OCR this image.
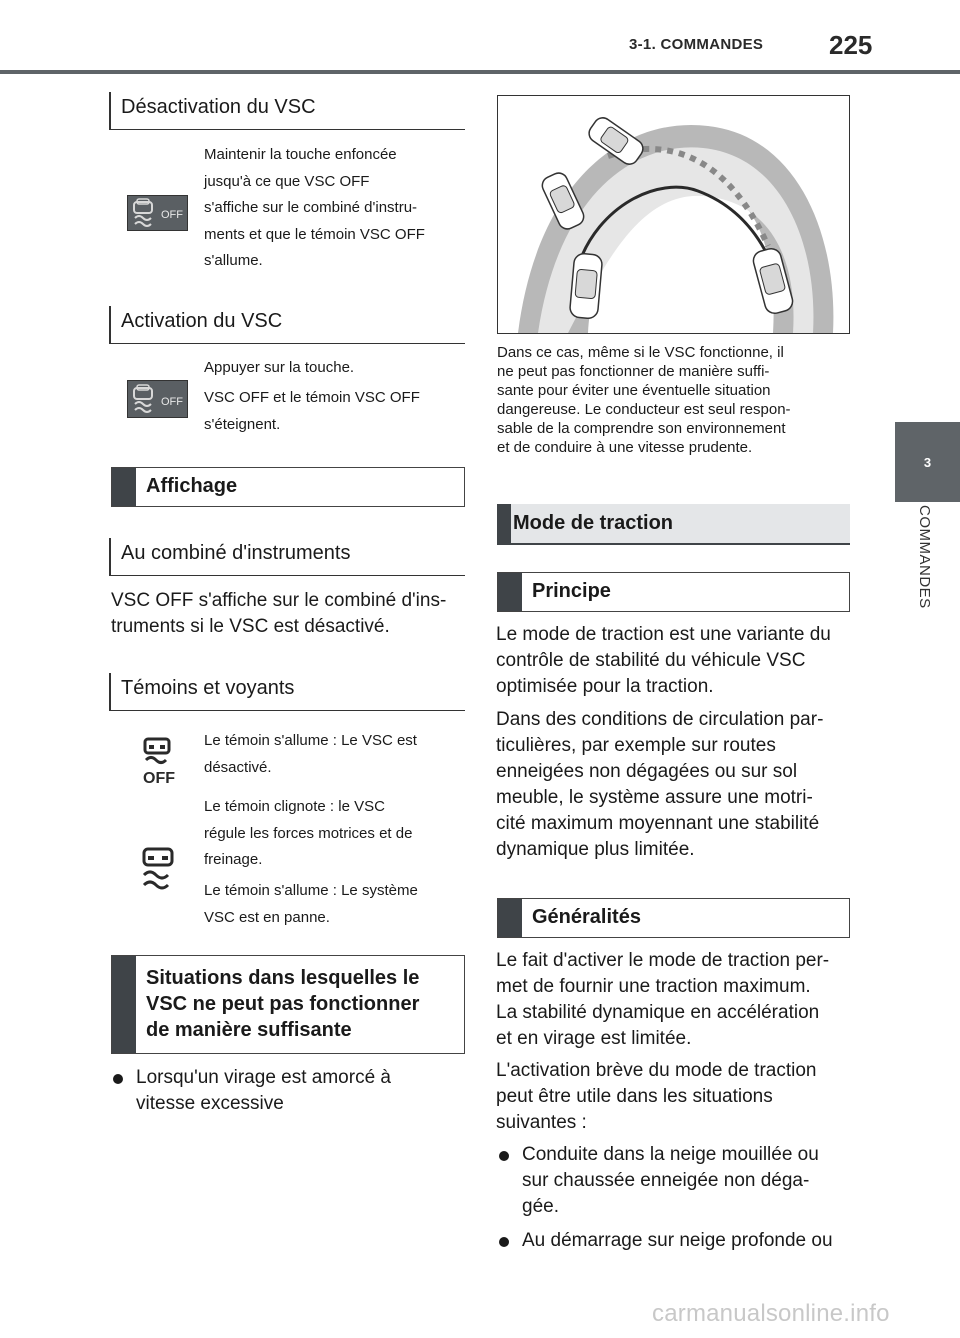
3-1. COMMANDES	225
3
COMMANDES
Désactivation du VSC
OFF

Maintenir la touche enfoncée

jusqu'à ce que VSC OFF

s'affiche sur le combiné d'instru-

ments et que le témoin VSC OFF

s'allume.

Activation du VSC
OFF
Appuyer sur la touche.

VSC OFF et le témoin VSC OFF

s'éteignent.

Affichage
Au combiné d'instruments

VSC OFF s'affiche sur le combiné d'ins-

truments si le VSC est désactivé.

Témoins et voyants
OFF

Le témoin s'allume : Le VSC est

désactivé.

Le témoin clignote : le VSC

régule les forces motrices et de

freinage.

Le témoin s'allume : Le système

VSC est en panne.

Situations dans lesquelles le

VSC ne peut pas fonctionner

de manière suffisante

Lorsqu'un virage est amorcé à

vitesse excessive

Dans ce cas, même si le VSC fonctionne, il

ne peut pas fonctionner de manière suffi-

sante pour éviter une éventuelle situation

dangereuse. Le conducteur est seul respon-

sable de la comprendre son environnement

et de conduire à une vitesse prudente.

Mode de traction
Principe

Le mode de traction est une variante du

contrôle de stabilité du véhicule VSC

optimisée pour la traction.

Dans des conditions de circulation par-

ticulières, par exemple sur routes

enneigées non dégagées ou sur sol

meuble, le système assure une motri-

cité maximum moyennant une stabilité

dynamique plus limitée.

Généralités

Le fait d'activer le mode de traction per-

met de fournir une traction maximum.

La stabilité dynamique en accélération

et en virage est limitée.

L'activation brève du mode de traction

peut être utile dans les situations

suivantes :

Conduite dans la neige mouillée ou

sur chaussée enneigée non déga-

gée.

Au démarrage sur neige profonde ou

carmanualsonline.info
